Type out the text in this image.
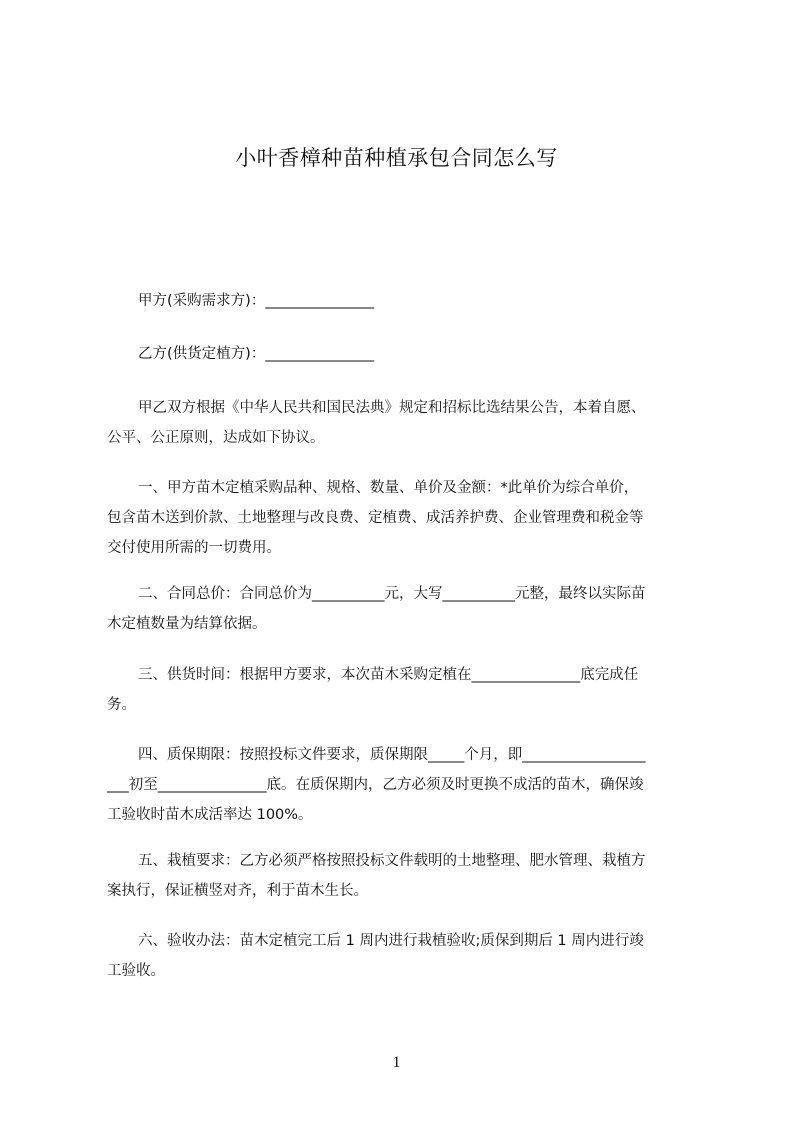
小叶香樟种苗种植承包合同怎么写

甲方(采购需求方)：_______________

乙方(供货定植方)：_______________

甲乙双方根据《中华人民共和国民法典》规定和招标比选结果公告，本着自愿、
公平、公正原则，达成如下协议。

一、甲方苗木定植采购品种、规格、数量、单价及金额：*此单价为综合单价，
包含苗木送到价款、土地整理与改良费、定植费、成活养护费、企业管理费和税金等
交付使用所需的一切费用。

二、合同总价：合同总价为__________元，大写__________元整，最终以实际苗
木定植数量为结算依据。

三、供货时间：根据甲方要求，本次苗木采购定植在_______________底完成任
务。

四、质保期限：按照投标文件要求，质保期限_____个月，即_________________
___初至_______________底。在质保期内，乙方必须及时更换不成活的苗木，确保竣
工验收时苗木成活率达 100%。

五、栽植要求：乙方必须严格按照投标文件载明的土地整理、肥水管理、栽植方
案执行，保证横竖对齐，利于苗木生长。

六、验收办法：苗木定植完工后 1 周内进行栽植验收;质保到期后 1 周内进行竣
工验收。

1
